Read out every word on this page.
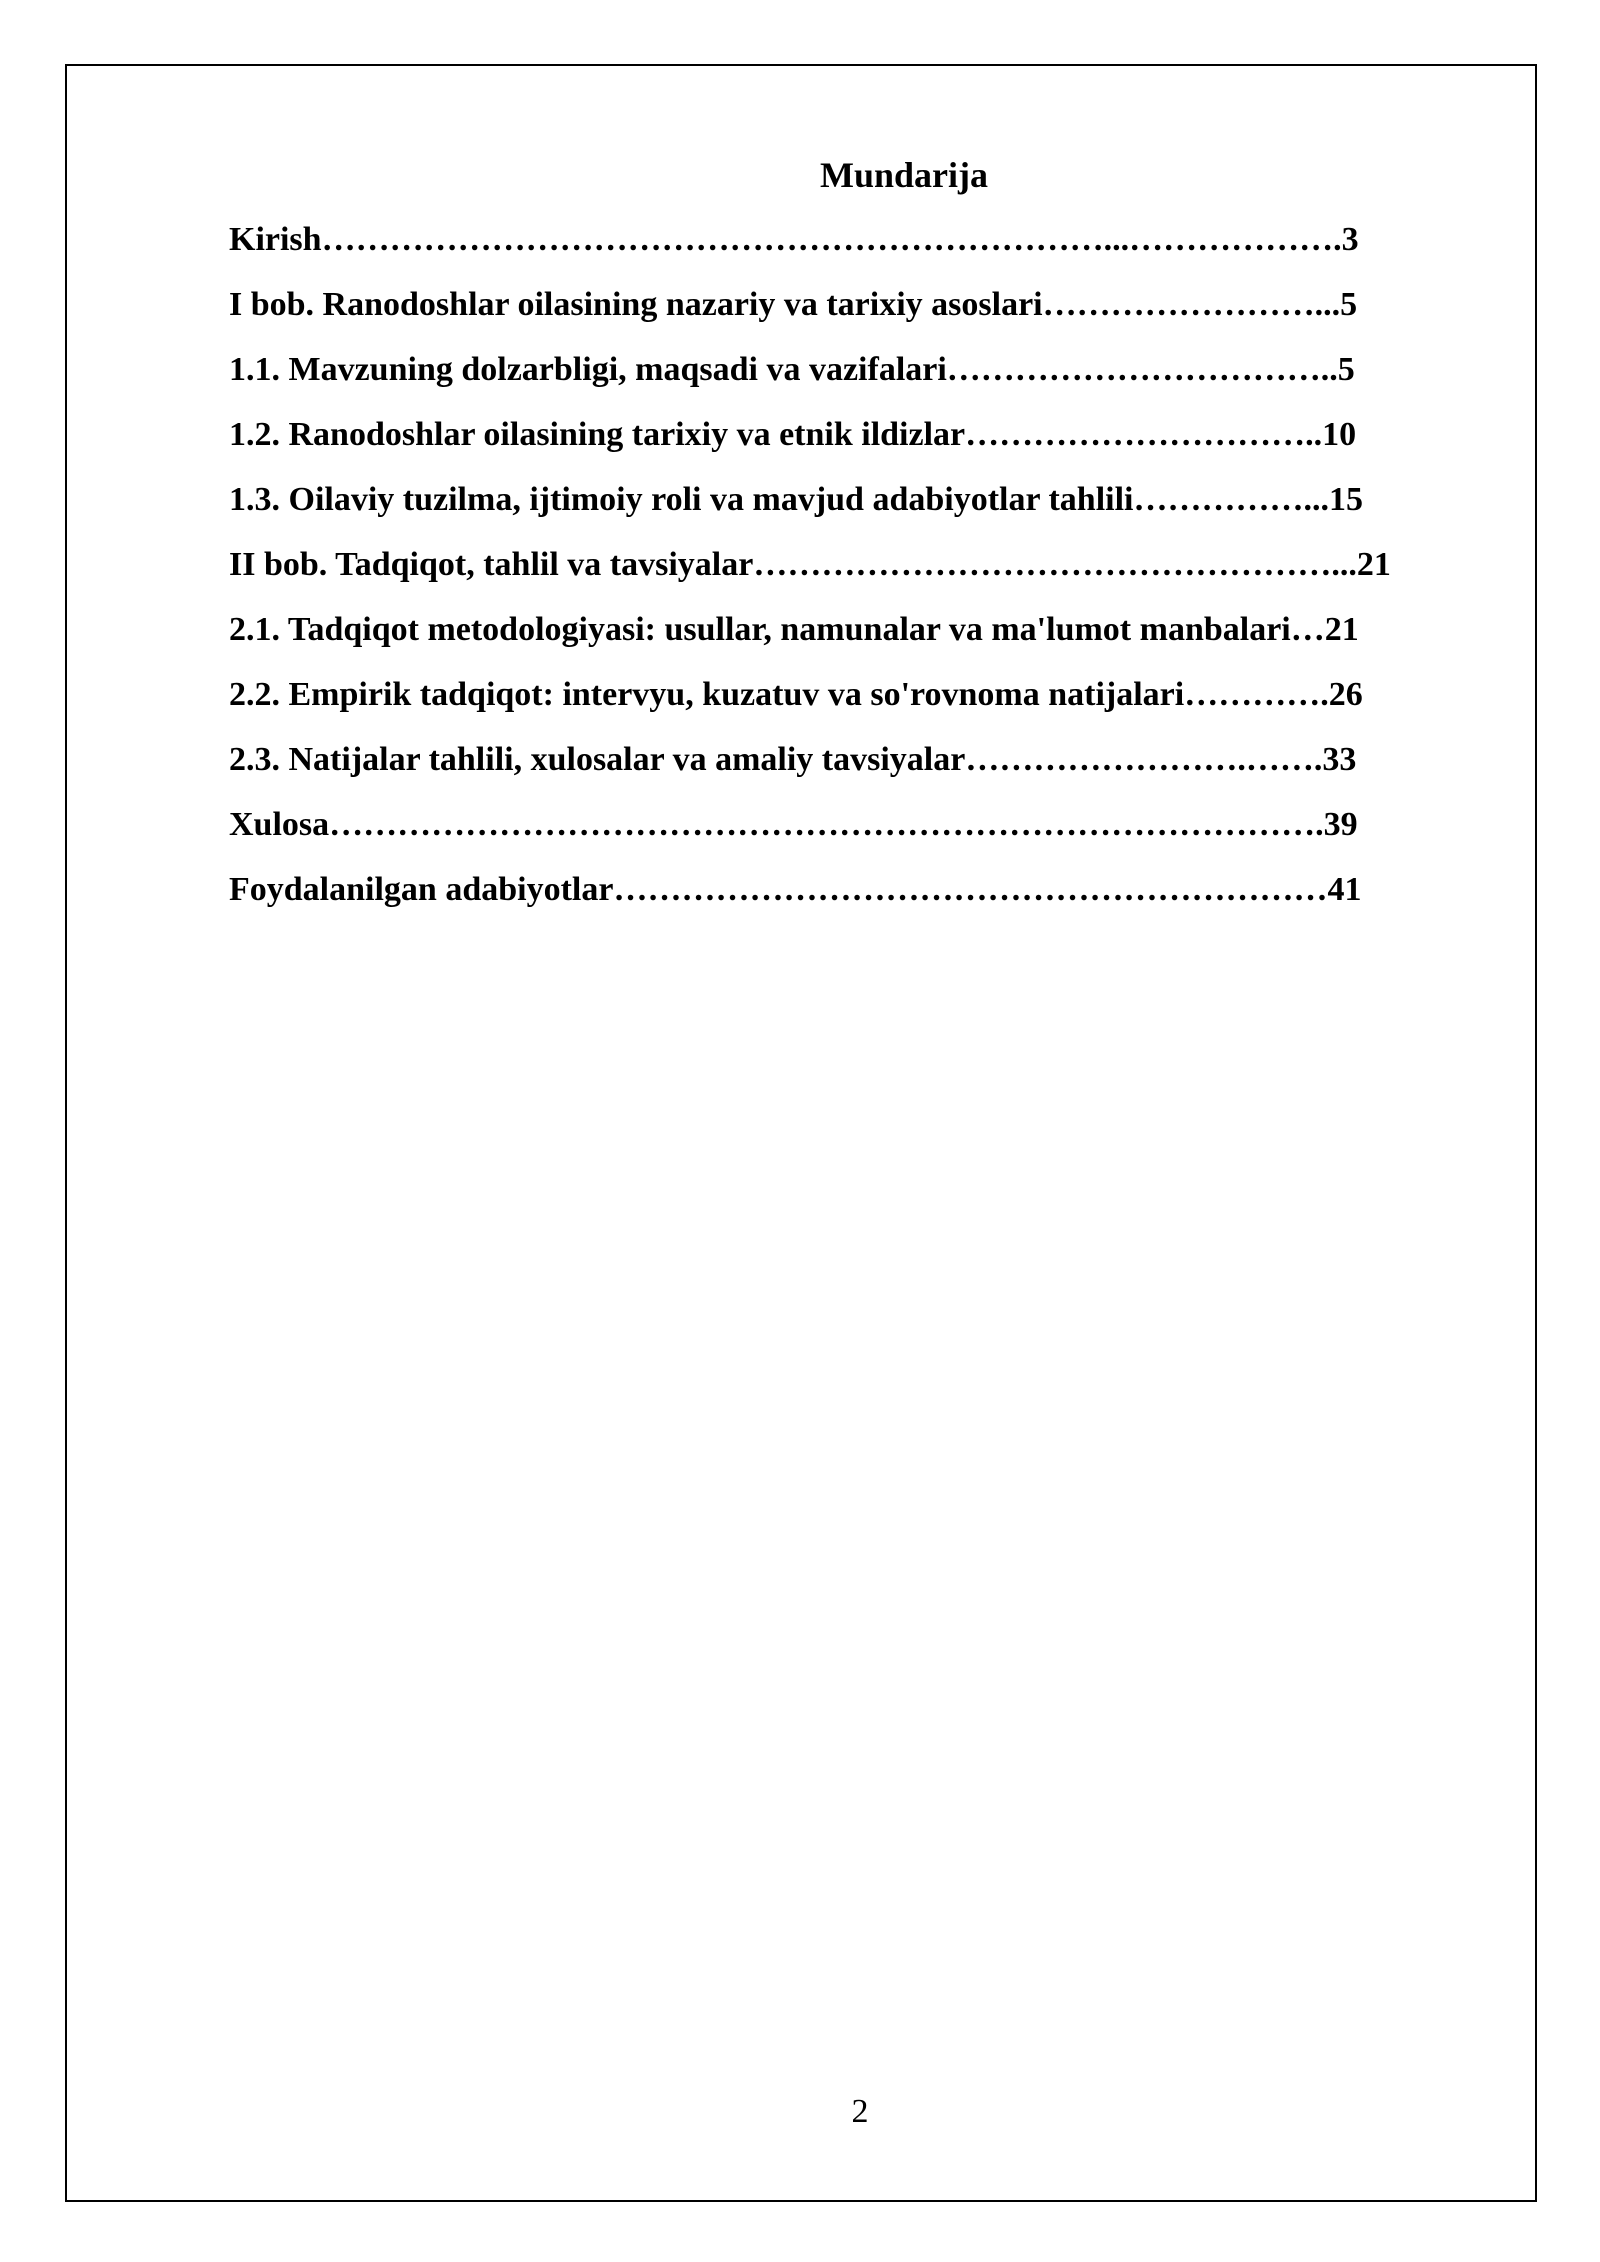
Mundarija
Kirish……………………………………………………………...……………….3
I bob. Ranodoshlar oilasining nazariy va tarixiy asoslari……………………...5
1.1. Mavzuning dolzarbligi, maqsadi va vazifalari……………………………..5
1.2. Ranodoshlar oilasining tarixiy va etnik ildizlar…………………………..10
1.3. Oilaviy tuzilma, ijtimoiy roli va mavjud adabiyotlar tahlili……………...15
II bob. Tadqiqot, tahlil va tavsiyalar……………………………………………...21
2.1. Tadqiqot metodologiyasi: usullar, namunalar va ma'lumot manbalari…21
2.2. Empirik tadqiqot: intervyu, kuzatuv va so'rovnoma natijalari………….26
2.3. Natijalar tahlili, xulosalar va amaliy tavsiyalar…………………….…….33
Xulosa…………………………………………………………………………….39
Foydalanilgan adabiyotlar………………………………………………………41
2
